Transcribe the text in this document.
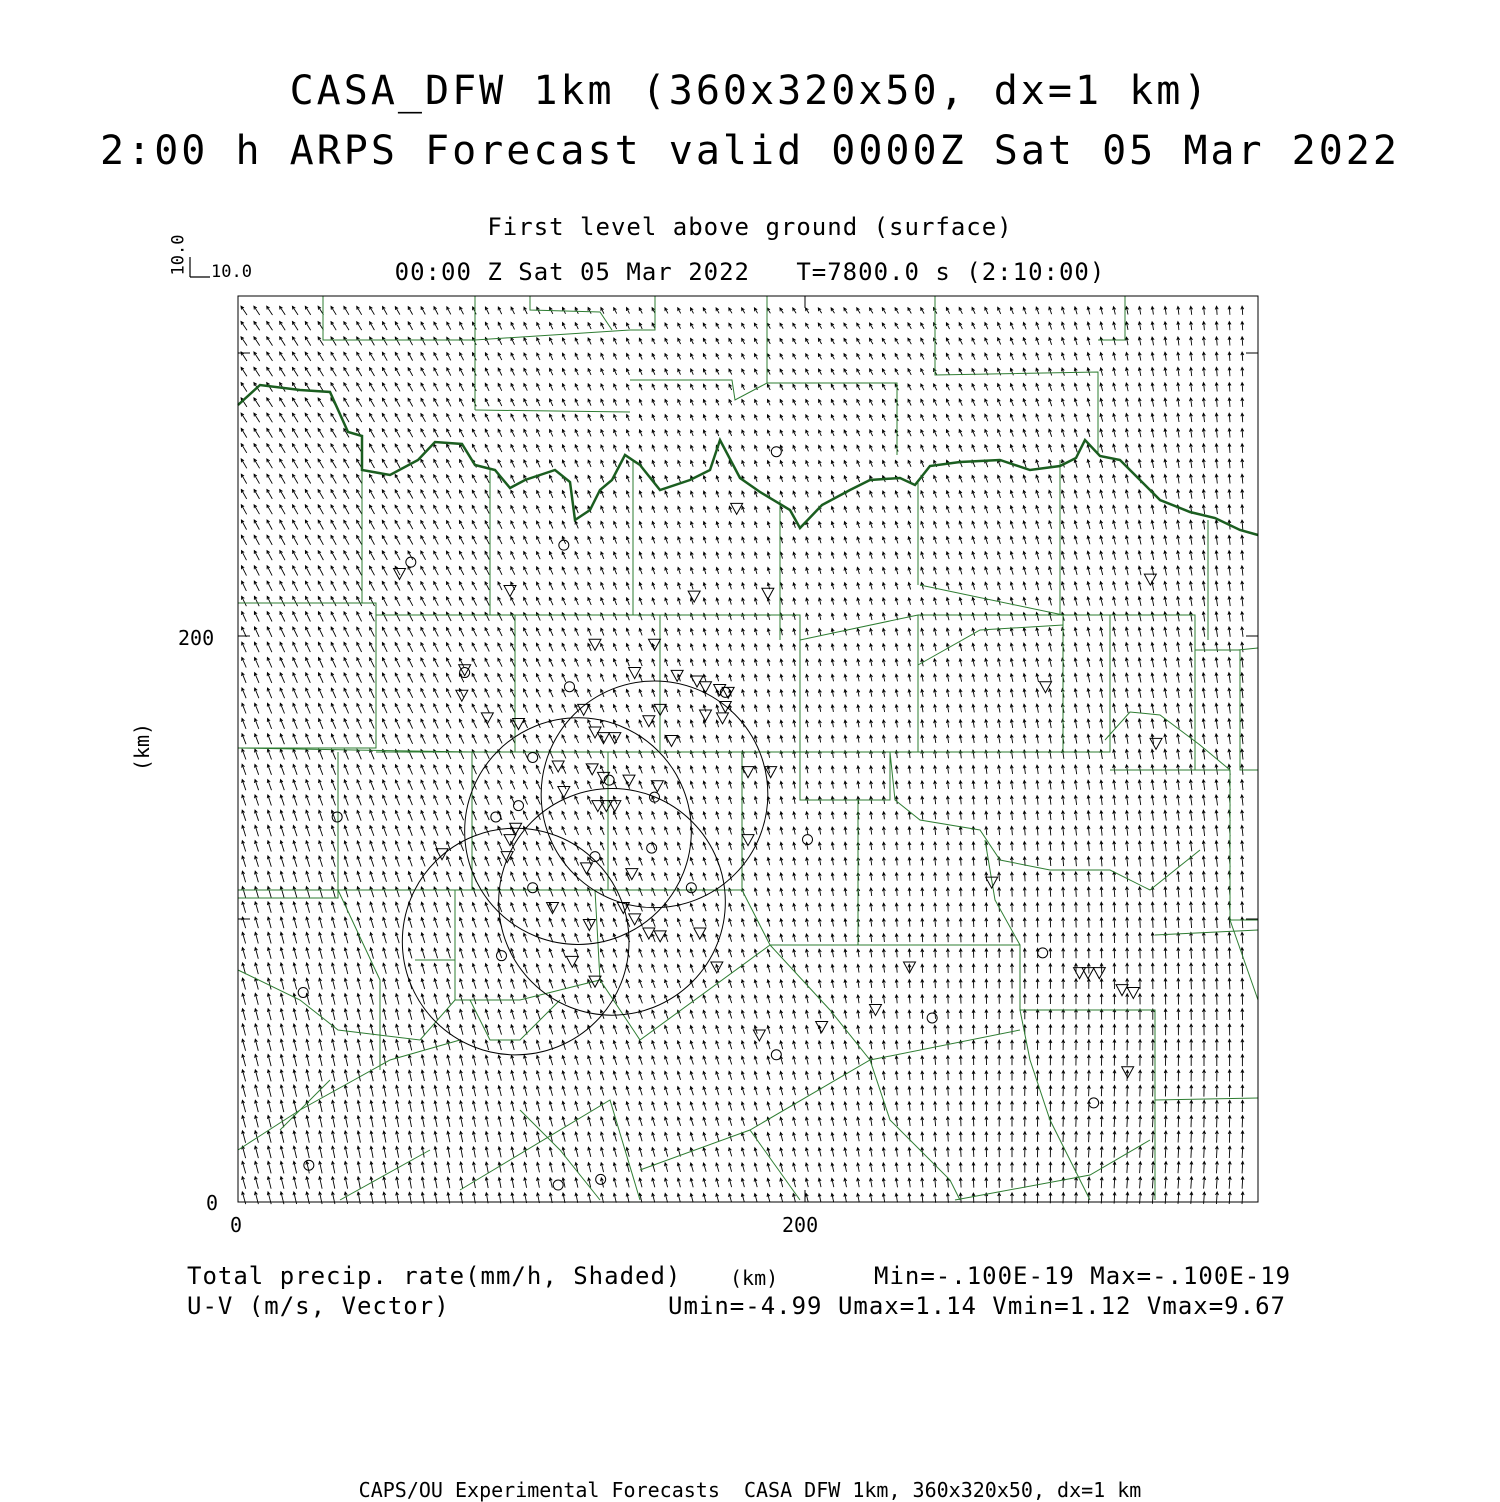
CASA_DFW 1km (360x320x50, dx=1 km)
2:00 h ARPS Forecast valid 0000Z Sat 05 Mar 2022
First level above ground (surface)
00:00 Z Sat 05 Mar 2022   T=7800.0 s (2:10:00)
10.0 10.0
(km)
200
0
0	200
(km)
Total precip. rate(mm/h, Shaded)
U-V (m/s, Vector)
Min=-.100E-19 Max=-.100E-19
Umin=-4.99 Umax=1.14 Vmin=1.12 Vmax=9.67
CAPS/OU Experimental Forecasts  CASA DFW 1km, 360x320x50, dx=1 km
